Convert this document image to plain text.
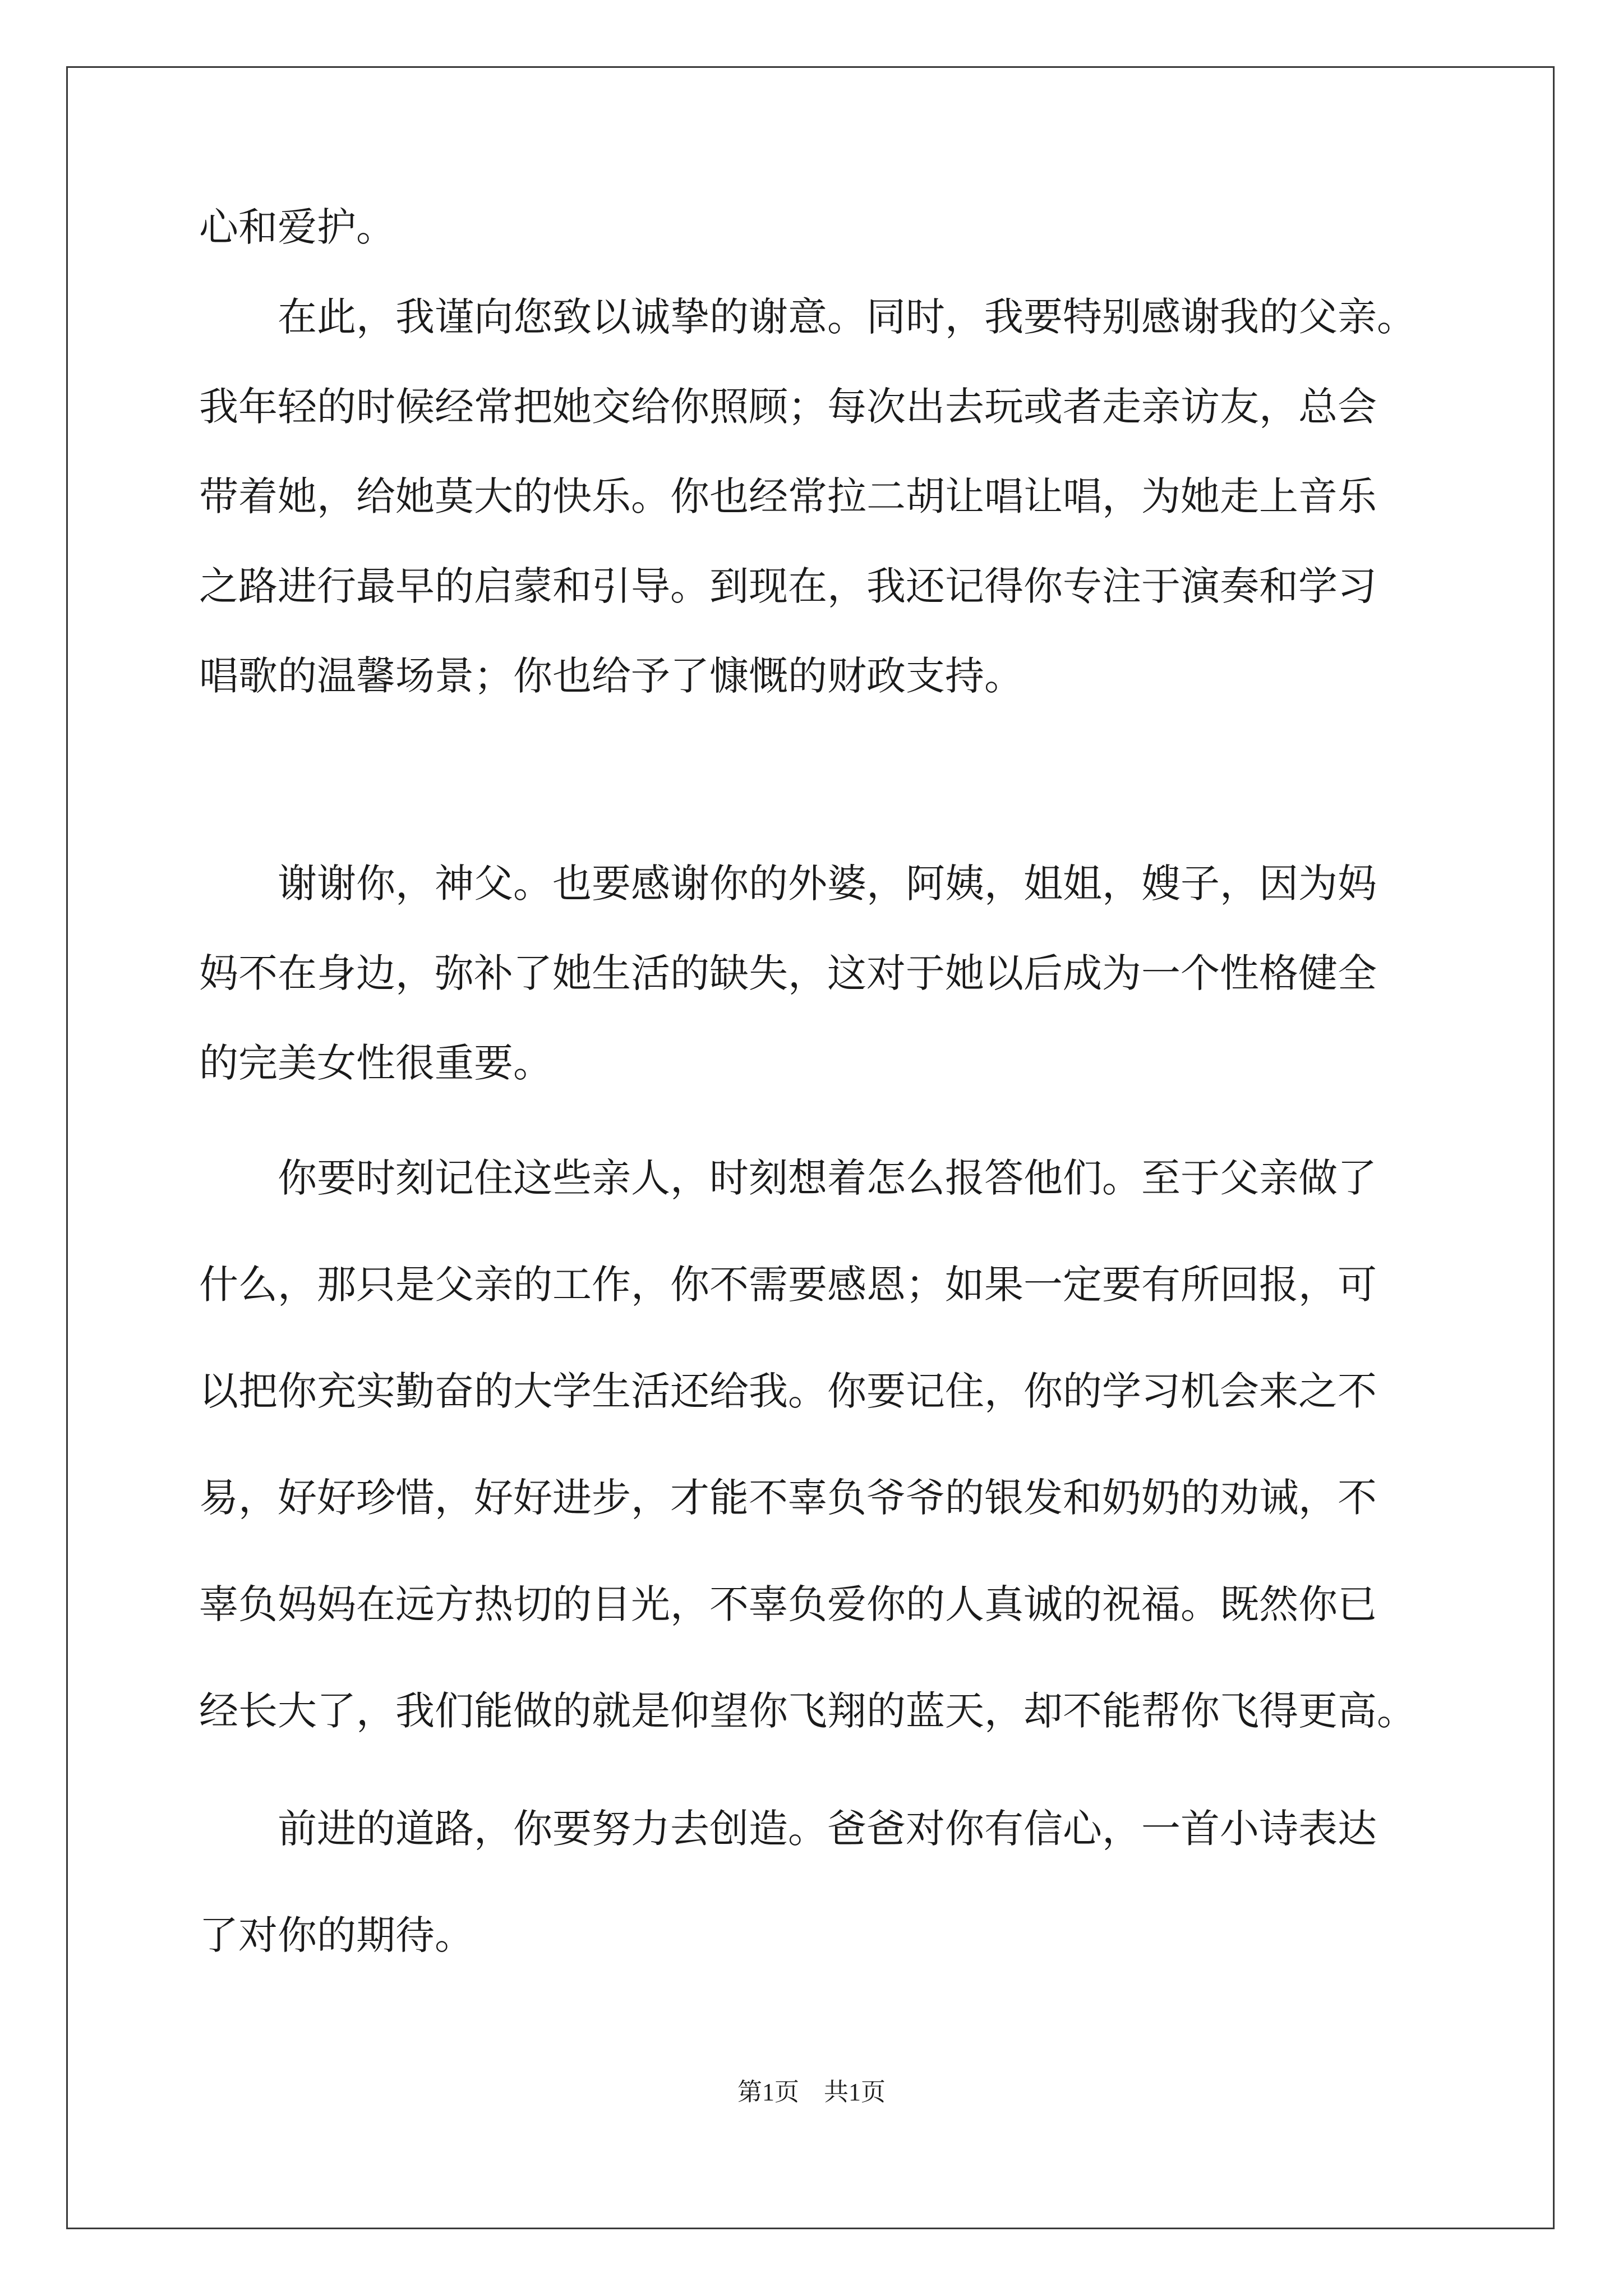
心和爱护。
在此，我谨向您致以诚挚的谢意。同时，我要特别感谢我的父亲。
我年轻的时候经常把她交给你照顾；每次出去玩或者走亲访友，总会
带着她，给她莫大的快乐。你也经常拉二胡让唱让唱，为她走上音乐
之路进行最早的启蒙和引导。到现在，我还记得你专注于演奏和学习
唱歌的温馨场景；你也给予了慷慨的财政支持。
谢谢你，神父。也要感谢你的外婆，阿姨，姐姐，嫂子，因为妈
妈不在身边，弥补了她生活的缺失，这对于她以后成为一个性格健全
的完美女性很重要。
你要时刻记住这些亲人，时刻想着怎么报答他们。至于父亲做了
什么，那只是父亲的工作，你不需要感恩；如果一定要有所回报，可
以把你充实勤奋的大学生活还给我。你要记住，你的学习机会来之不
易，好好珍惜，好好进步，才能不辜负爷爷的银发和奶奶的劝诫，不
辜负妈妈在远方热切的目光，不辜负爱你的人真诚的祝福。既然你已
经长大了，我们能做的就是仰望你飞翔的蓝天，却不能帮你飞得更高。
前进的道路，你要努力去创造。爸爸对你有信心，一首小诗表达
了对你的期待。
第1页　共1页
